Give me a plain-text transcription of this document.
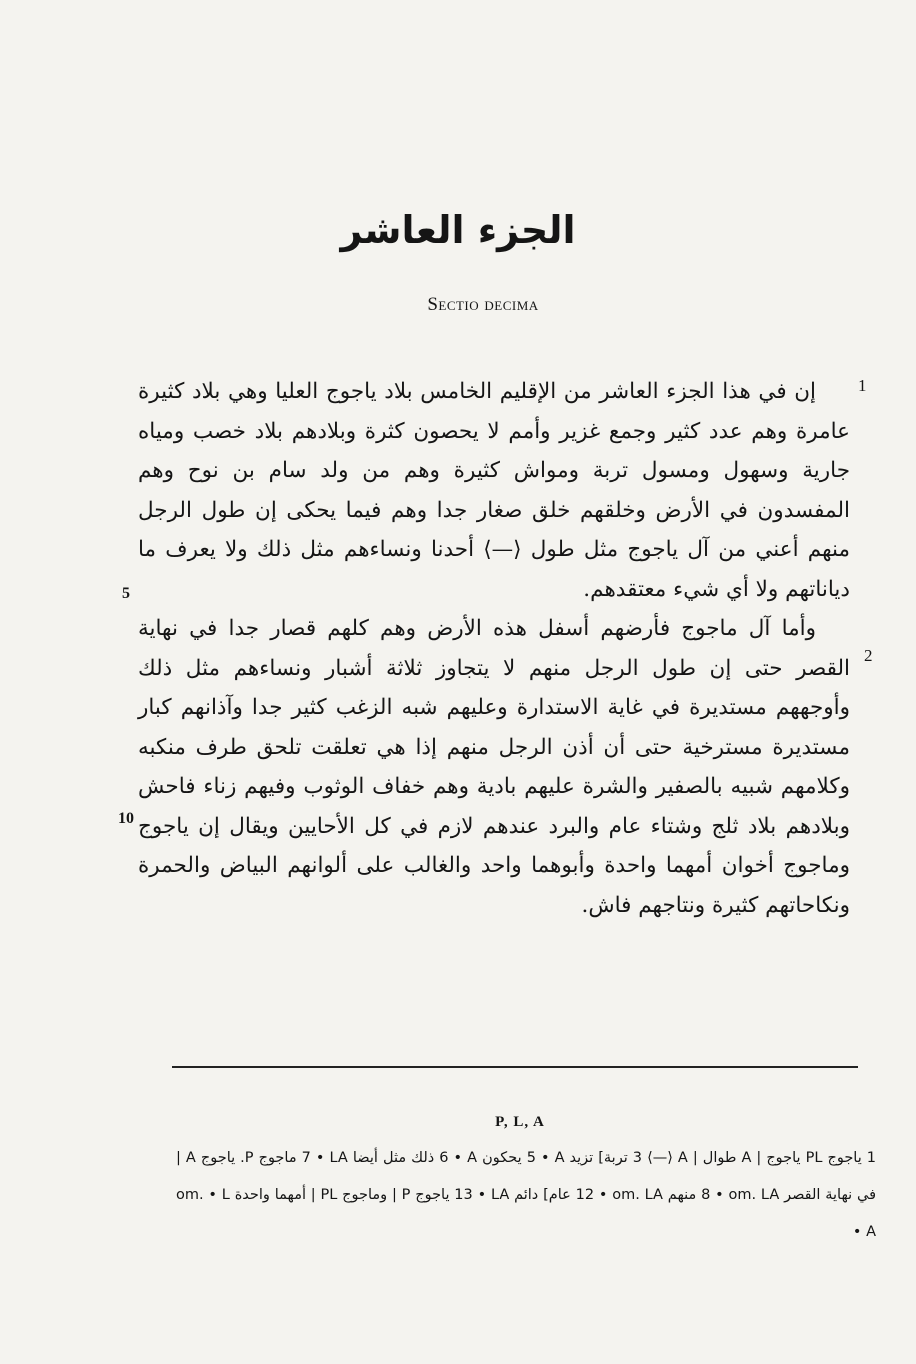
الجزء العاشر
Sectio decima
1
2
5
10

إن في هذا الجزء العاشر من الإقليم الخامس بلاد ياجوج العليا وهي بلاد كثيرة عامرة وهم عدد كثير وجمع غزير وأمم لا يحصون كثرة وبلادهم بلاد خصب ومياه جارية وسهول ومسول تربة ومواش كثيرة وهم من ولد سام بن نوح وهم المفسدون في الأرض وخلقهم خلق صغار جدا وهم فيما يحكى إن طول الرجل منهم أعني من آل ياجوج مثل طول ⟨—⟩ أحدنا ونساءهم مثل ذلك ولا يعرف ما دياناتهم ولا أي شيء معتقدهم.

وأما آل ماجوج فأرضهم أسفل هذه الأرض وهم كلهم قصار جدا في نهاية القصر حتى إن طول الرجل منهم لا يتجاوز ثلاثة أشبار ونساءهم مثل ذلك وأوجههم مستديرة في غاية الاستدارة وعليهم شبه الزغب كثير جدا وآذانهم كبار مستديرة مسترخية حتى أن أذن الرجل منهم إذا هي تعلقت تلحق طرف منكبه وكلامهم شبيه بالصفير والشرة عليهم بادية وهم خفاف الوثوب وفيهم زناء فاحش وبلادهم بلاد ثلج وشتاء عام والبرد عندهم لازم في كل الأحايين ويقال إن ياجوج وماجوج أخوان أمهما واحدة وأبوهما واحد والغالب على ألوانهم البياض والحمرة ونكاحاتهم كثيرة ونتاجهم فاش.

P, L, A
1 ياجوج PL ياجوج | A طوال | A ⟨—⟩ 3 تربة] تزيد A • 5 يحكون A • 6 ذلك مثل أيضا LA • 7 ماجوج P. ياجوج A | في نهاية القصر om. LA • 8 منهم om. LA • 12 عام] دائم LA • 13 ياجوج P | وماجوج PL | أمهما واحدة L • om. A •
